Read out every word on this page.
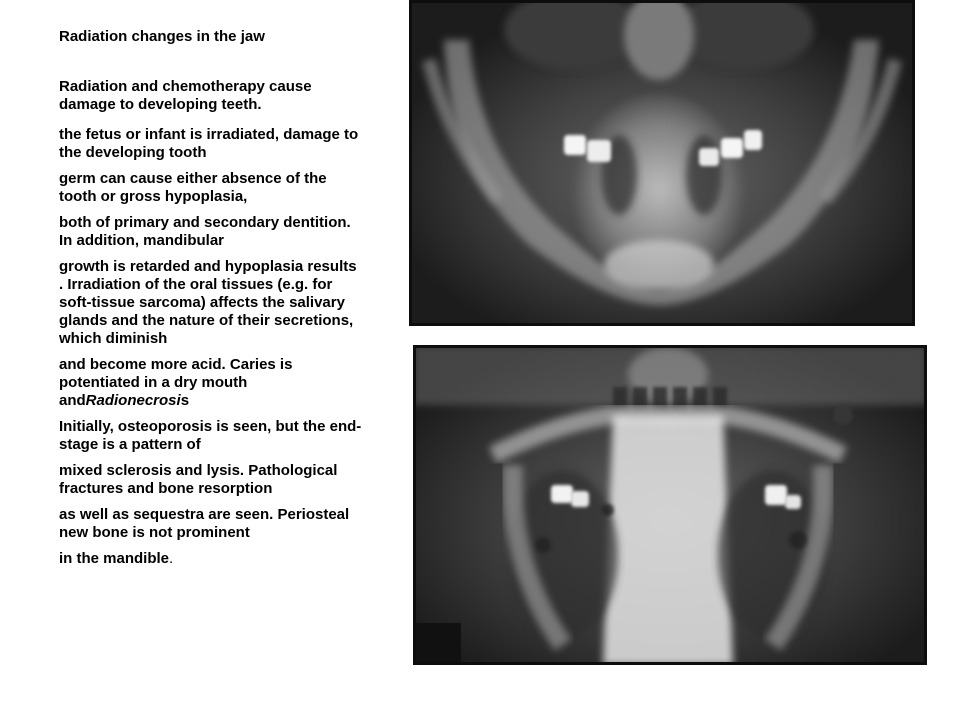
Radiation changes in the jaw

Radiation and chemotherapy cause damage to developing teeth.

the fetus or infant is irradiated, damage to the developing tooth

germ can cause either absence of the tooth or gross hypoplasia,

both of primary and secondary dentition. In addition, mandibular

growth is retarded and hypoplasia results . Irradiation of the oral tissues (e.g. for soft-tissue sarcoma) affects the salivary glands and the nature of their secretions, which diminish

and become more acid. Caries is potentiated in a dry mouth andRadionecrosis

Initially, osteoporosis is seen, but the end-stage is a pattern of

mixed sclerosis and lysis. Pathological fractures and bone resorption

as well as sequestra are seen. Periosteal new bone is not prominent

in the mandible.
